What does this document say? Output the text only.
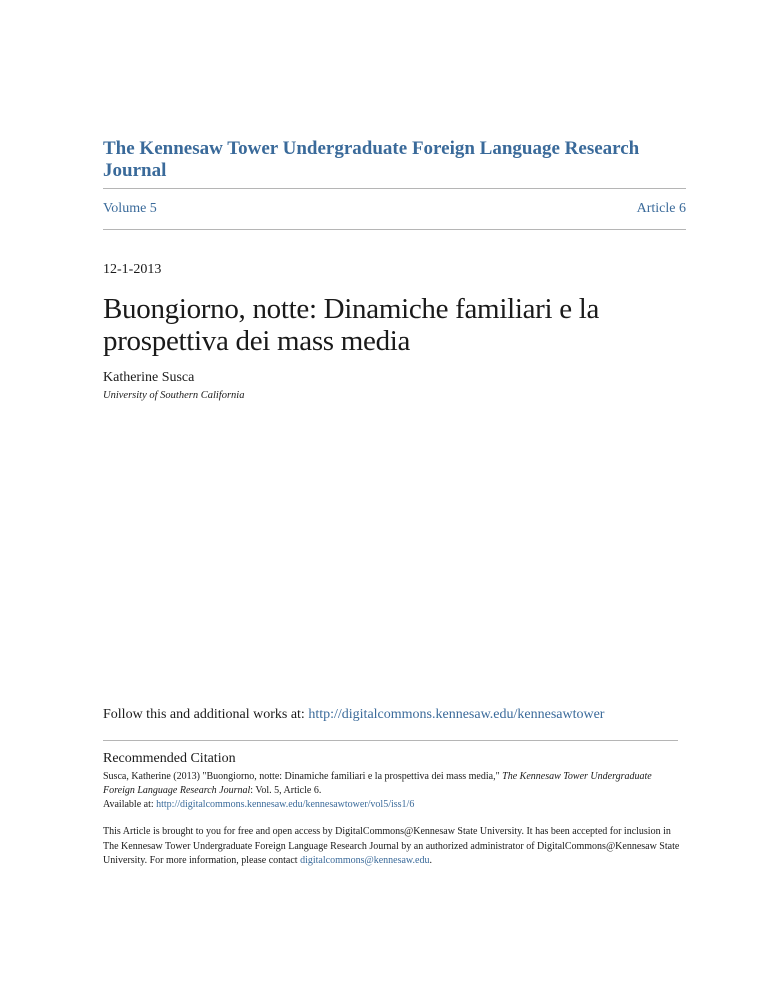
The Kennesaw Tower Undergraduate Foreign Language Research Journal
Volume 5	Article 6
12-1-2013
Buongiorno, notte: Dinamiche familiari e la prospettiva dei mass media
Katherine Susca
University of Southern California
Follow this and additional works at: http://digitalcommons.kennesaw.edu/kennesawtower
Recommended Citation
Susca, Katherine (2013) "Buongiorno, notte: Dinamiche familiari e la prospettiva dei mass media," The Kennesaw Tower Undergraduate Foreign Language Research Journal: Vol. 5, Article 6.
Available at: http://digitalcommons.kennesaw.edu/kennesawtower/vol5/iss1/6
This Article is brought to you for free and open access by DigitalCommons@Kennesaw State University. It has been accepted for inclusion in The Kennesaw Tower Undergraduate Foreign Language Research Journal by an authorized administrator of DigitalCommons@Kennesaw State University. For more information, please contact digitalcommons@kennesaw.edu.
